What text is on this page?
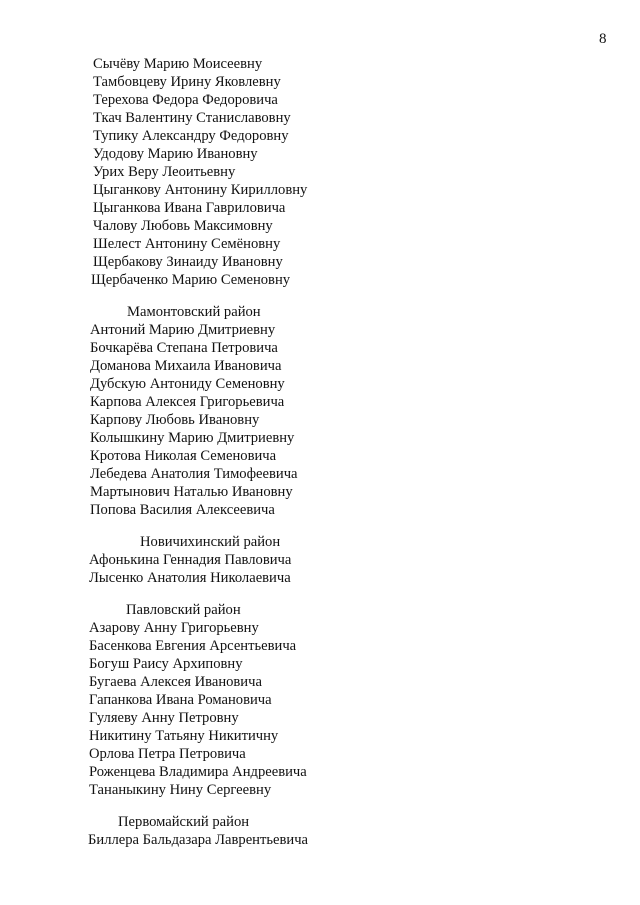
8
Сычёву Марию Моисеевну
Тамбовцеву Ирину Яковлевну
Терехова Федора Федоровича
Ткач Валентину Станиславовну
Тупику Александру Федоровну
Удодову Марию Ивановну
Урих Веру Леоитьевну
Цыганкову Антонину Кирилловну
Цыганкова Ивана Гавриловича
Чалову Любовь Максимовну
Шелест Антонину Семёновну
Щербакову Зинаиду Ивановну
Щербаченко Марию Семеновну
Мамонтовский район
Антоний Марию Дмитриевну
Бочкарёва Степана Петровича
Доманова Михаила Ивановича
Дубскую Антониду Семеновну
Карпова Алексея Григорьевича
Карпову Любовь Ивановну
Колышкину Марию Дмитриевну
Кротова Николая Семеновича
Лебедева Анатолия Тимофеевича
Мартынович Наталью Ивановну
Попова Василия Алексеевича
Новичихинский район
Афонькина Геннадия Павловича
Лысенко Анатолия Николаевича
Павловский район
Азарову Анну Григорьевну
Басенкова Евгения Арсентьевича
Богуш Раису Архиповну
Бугаева Алексея Ивановича
Гапанкова Ивана Романовича
Гуляеву Анну Петровну
Никитину Татьяну Никитичну
Орлова Петра Петровича
Роженцева Владимира Андреевича
Тананыкину Нину Сергеевну
Первомайский район
Биллера Бальдазара Лаврентьевича
